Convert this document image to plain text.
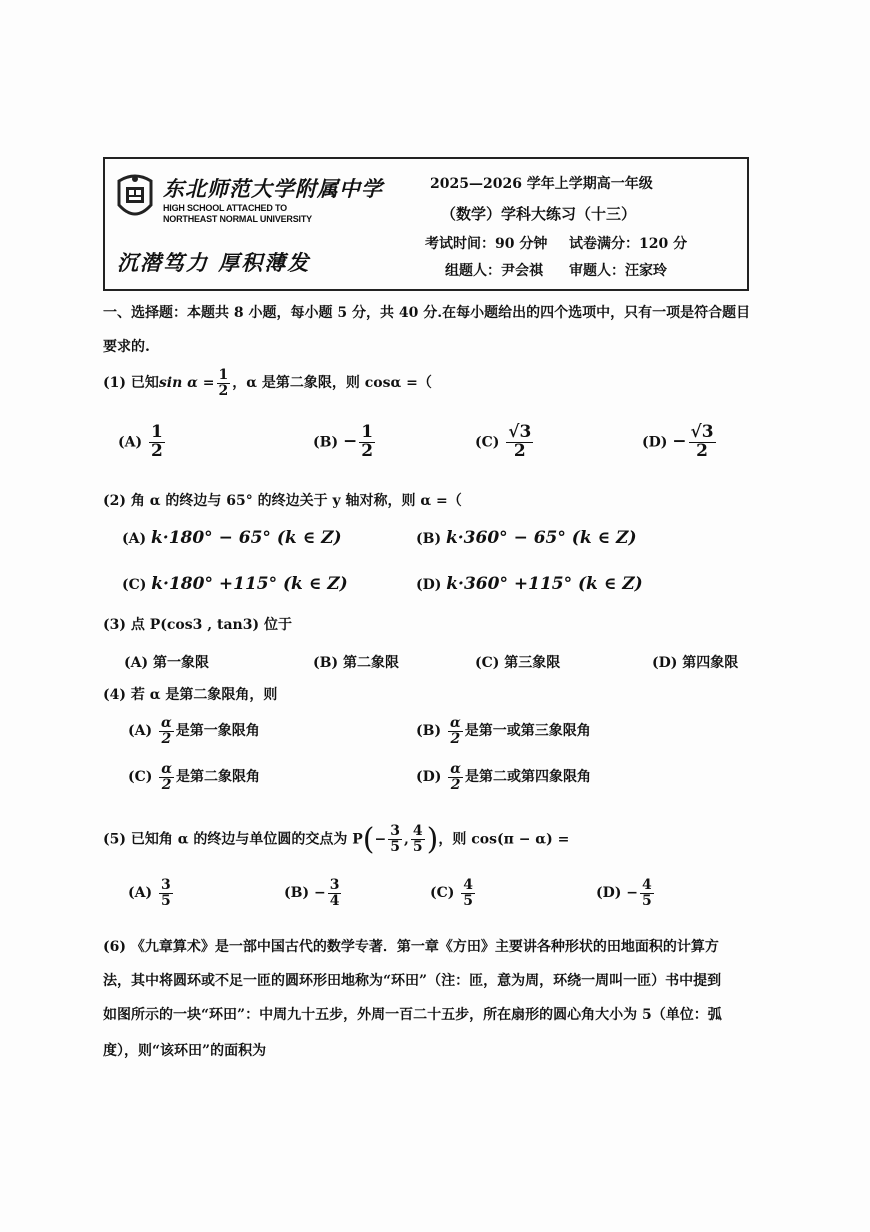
东北师范大学附属中学
HIGH SCHOOL ATTACHED TO
NORTHEAST NORMAL UNIVERSITY
沉潜笃力 厚积薄发
2025—2026 学年上学期高一年级
（数学）学科大练习（十三）
考试时间：90 分钟 试卷满分：120 分
组题人：尹会祺 审题人：汪家玲
一、选择题：本题共 8 小题，每小题 5 分，共 40 分.在每小题给出的四个选项中，只有一项是符合题目
要求的.
(1) 已知$\sin \alpha = \frac{1}{2}$ ，α 是第二象限，则 cosα =（
$(A) \frac{1}{2}$	$(B) - \frac{1}{2}$	$(C) \frac{√3}{2}$	$(D) - \frac{√3}{2}$
(2) 角 α 的终边与 65° 的终边关于 y 轴对称，则 α =（
(A) k·180° − 65° (k ∈ Z)	(B) k·360° − 65° (k ∈ Z)
(C) k·180° +115° (k ∈ Z)	(D) k·360° +115° (k ∈ Z)
(3) 点 P(cos3 , tan3) 位于
(A) 第一象限	(B) 第二象限	(C) 第三象限	(D) 第四象限
(4) 若 α 是第二象限角，则
$(A) \frac{\alpha}{2}$ 是第一象限角	$(B) \frac{\alpha}{2}$ 是第一或第三象限角
$(C) \frac{\alpha}{2}$ 是第二象限角	$(D) \frac{\alpha}{2}$ 是第二或第四象限角
(5) 已知角 α 的终边与单位圆的交点为 $P(- \frac{3}{5}$ , $\frac{4}{5}$ )，则 cos(π − α) =
$(A) \frac{3}{5}$	$(B) - \frac{3}{4}$	$(C) \frac{4}{5}$	$(D) - \frac{4}{5}$
(6) 《九章算术》是一部中国古代的数学专著．第一章《方田》主要讲各种形状的田地面积的计算方
法，其中将圆环或不足一匝的圆环形田地称为“环田”（注：匝，意为周，环绕一周叫一匝）书中提到
如图所示的一块“环田”：中周九十五步，外周一百二十五步，所在扇形的圆心角大小为 5（单位：弧
度），则“该环田”的面积为
